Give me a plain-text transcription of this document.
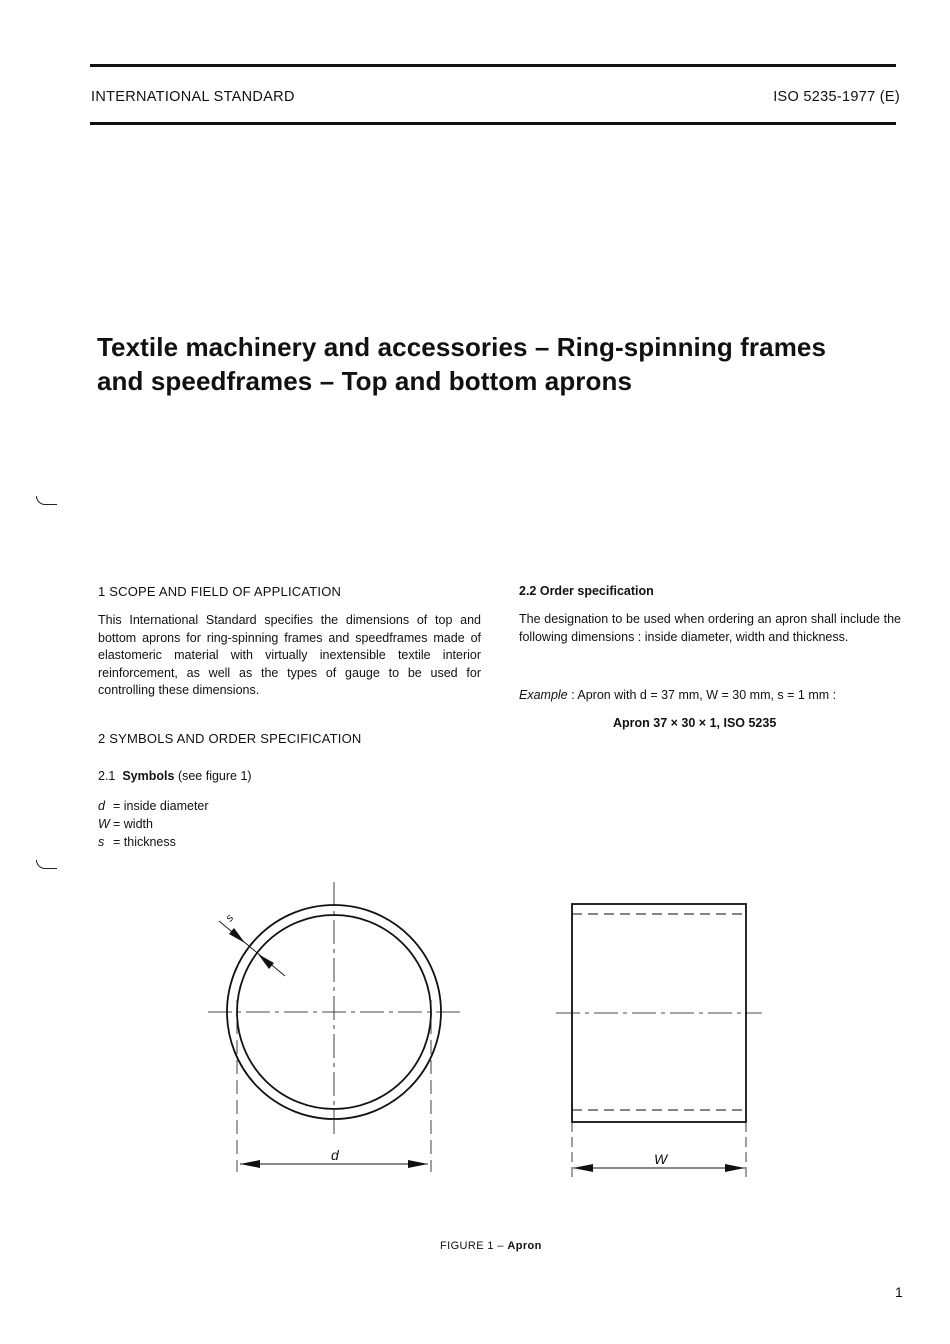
INTERNATIONAL STANDARD	ISO 5235-1977 (E)
Textile machinery and accessories – Ring-spinning frames
and speedframes – Top and bottom aprons
1 SCOPE AND FIELD OF APPLICATION
This International Standard specifies the dimensions of top and bottom aprons for ring-spinning frames and speedframes made of elastomeric material with virtually inextensible textile interior reinforcement, as well as the types of gauge to be used for controlling these dimensions.
2 SYMBOLS AND ORDER SPECIFICATION
2.1 Symbols (see figure 1)
d = inside diameter
W = width
s = thickness
2.2 Order specification
The designation to be used when ordering an apron shall include the following dimensions : inside diameter, width and thickness.
Example : Apron with d = 37 mm, W = 30 mm, s = 1 mm :
Apron 37 × 30 × 1, ISO 5235
d
s
W
FIGURE 1 – Apron
1
